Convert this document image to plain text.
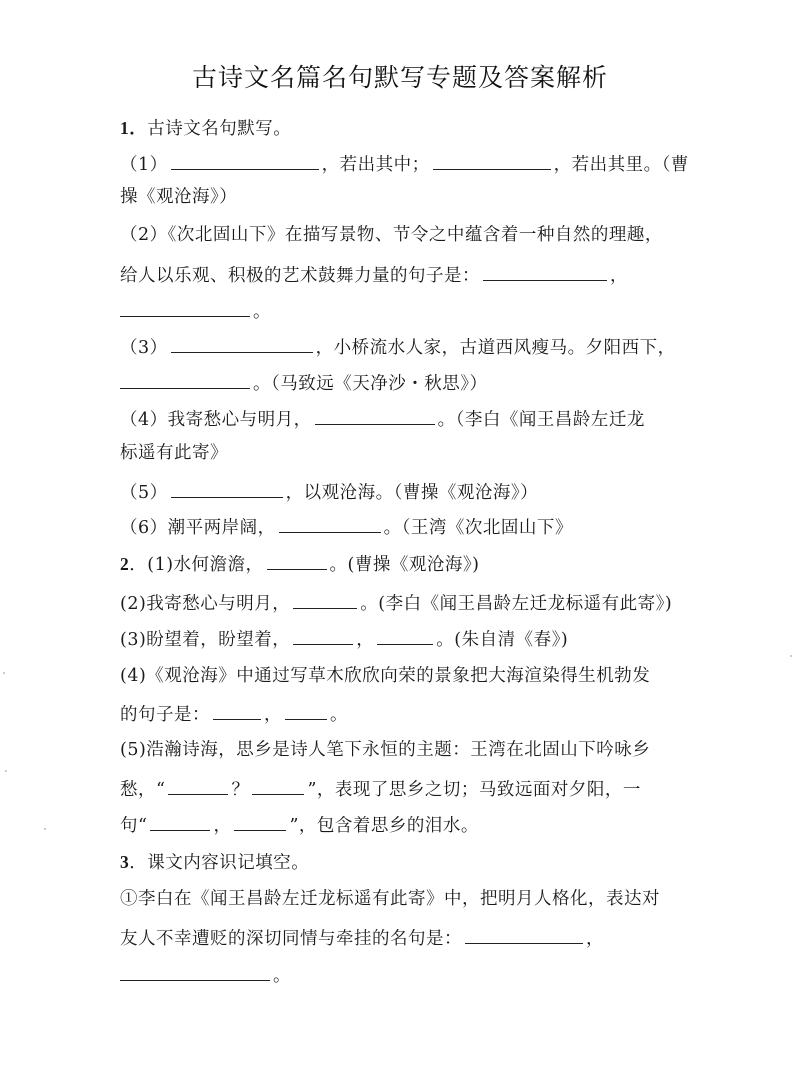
古诗文名篇名句默写专题及答案解析
1．古诗文名句默写。
（1）	，若出其中；	，若出其里。（曹
操《观沧海》）
（2）《次北固山下》在描写景物、节令之中蕴含着一种自然的理趣，
给人以乐观、积极的艺术鼓舞力量的句子是：	，
。
（3）	，小桥流水人家，古道西风瘦马。夕阳西下，
。（马致远《天净沙・秋思》）
（4）我寄愁心与明月，	。（李白《闻王昌龄左迁龙
标遥有此寄》
（5）	，以观沧海。（曹操《观沧海》）
（6）潮平两岸阔，	。（王湾《次北固山下》
2．(1)水何澹澹，	。(曹操《观沧海》)
(2)我寄愁心与明月，	。(李白《闻王昌龄左迁龙标遥有此寄》)
(3)盼望着，盼望着，	，	。(朱自清《春》)
(4)《观沧海》中通过写草木欣欣向荣的景象把大海渲染得生机勃发
的句子是：	，	。
(5)浩瀚诗海，思乡是诗人笔下永恒的主题：王湾在北固山下吟咏乡
愁，“	？	”，表现了思乡之切；马致远面对夕阳，一
句“	，	”，包含着思乡的泪水。
3．课文内容识记填空。
①李白在《闻王昌龄左迁龙标遥有此寄》中，把明月人格化，表达对
友人不幸遭贬的深切同情与牵挂的名句是：	，
。
